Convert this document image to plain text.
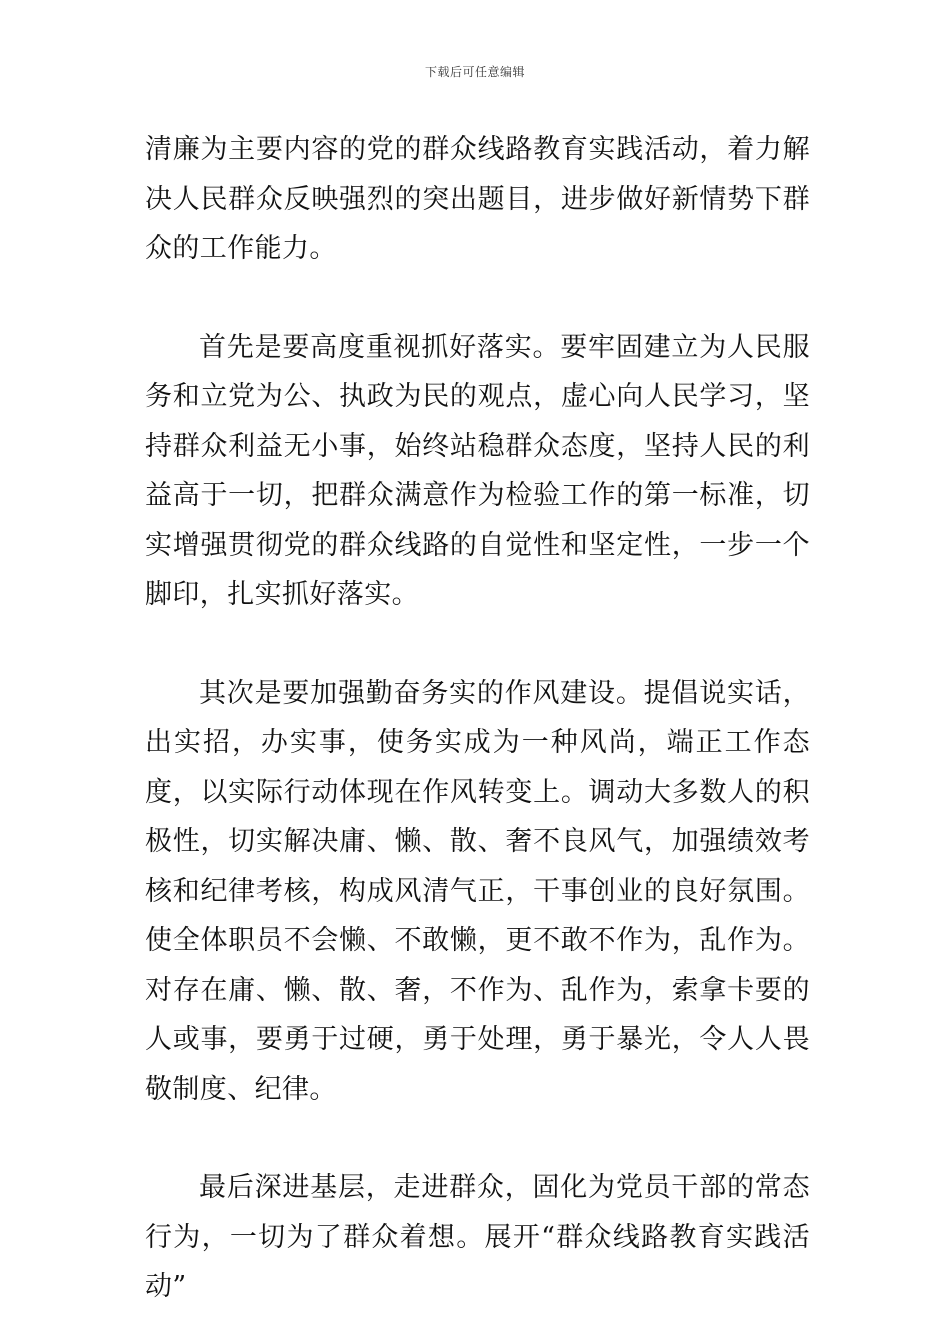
下载后可任意编辑

清廉为主要内容的党的群众线路教育实践活动，着力解决人民群众反映强烈的突出题目，进步做好新情势下群众的工作能力。

首先是要高度重视抓好落实。要牢固建立为人民服务和立党为公、执政为民的观点，虚心向人民学习，坚持群众利益无小事，始终站稳群众态度，坚持人民的利益高于一切，把群众满意作为检验工作的第一标准，切实增强贯彻党的群众线路的自觉性和坚定性，一步一个脚印，扎实抓好落实。

其次是要加强勤奋务实的作风建设。提倡说实话，出实招，办实事，使务实成为一种风尚，端正工作态度，以实际行动体现在作风转变上。调动大多数人的积极性，切实解决庸、懒、散、奢不良风气，加强绩效考核和纪律考核，构成风清气正，干事创业的良好氛围。使全体职员不会懒、不敢懒，更不敢不作为，乱作为。对存在庸、懒、散、奢，不作为、乱作为，索拿卡要的人或事，要勇于过硬，勇于处理，勇于暴光，令人人畏敬制度、纪律。

最后深进基层，走进群众，固化为党员干部的常态行为，一切为了群众着想。展开“群众线路教育实践活动”
